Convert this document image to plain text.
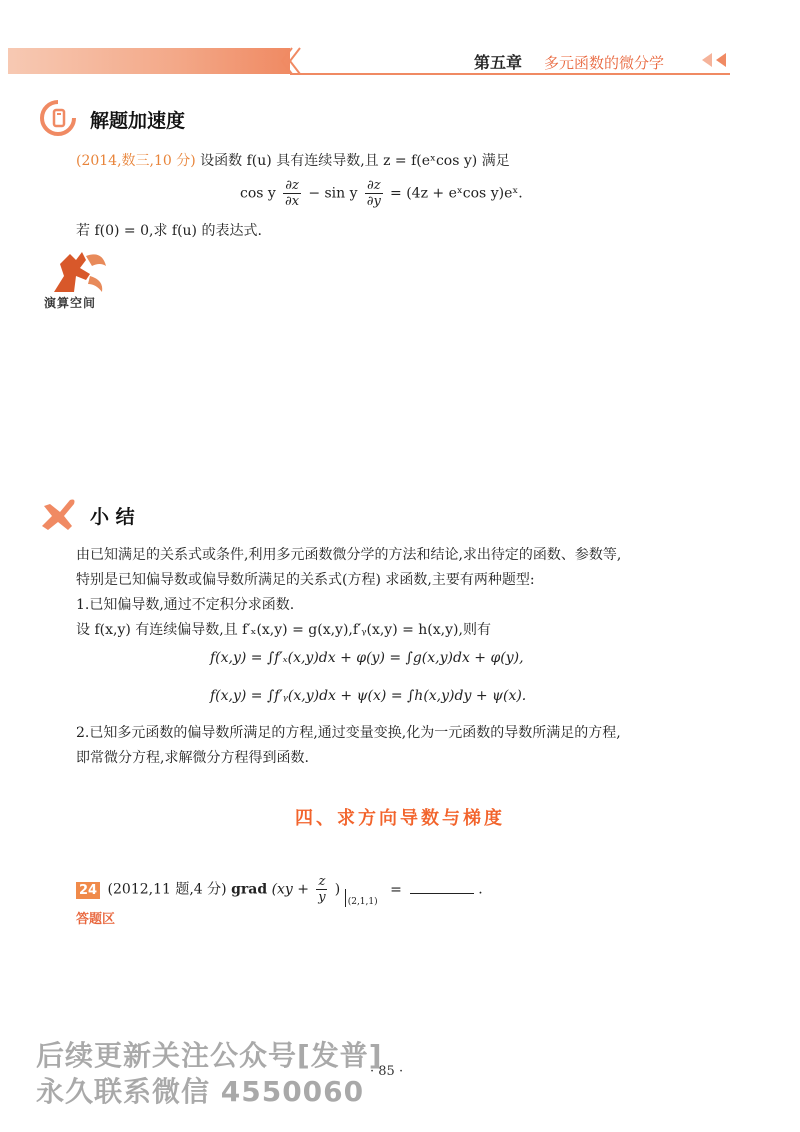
第五章 多元函数的微分学
解题加速度
(2014,数三,10 分) 设函数 f(u) 具有连续导数,且 z = f(eˣcos y) 满足
cos y $\frac{\partial z}{\partial x} - \sin y \frac{\partial z}{\partial y} = (4z$ + eˣcos y)eˣ.
若 f(0) = 0,求 f(u) 的表达式.
演算空间
小 结
由已知满足的关系式或条件,利用多元函数微分学的方法和结论,求出待定的函数、参数等,
特别是已知偏导数或偏导数所满足的关系式(方程) 求函数,主要有两种题型:
1.已知偏导数,通过不定积分求函数.
设 f(x,y) 有连续偏导数,且 f′ₓ(x,y) = g(x,y),f′ᵧ(x,y) = h(x,y),则有
f(x,y) = ∫f′ₓ(x,y)dx + φ(y) = ∫g(x,y)dx + φ(y),
f(x,y) = ∫f′ᵧ(x,y)dx + ψ(x) = ∫h(x,y)dy + ψ(x).
2.已知多元函数的偏导数所满足的方程,通过变量变换,化为一元函数的导数所满足的方程,
即常微分方程,求解微分方程得到函数.
四、求方向导数与梯度
24 (2012,11 题,4 分) grad ($xy + \frac{z}{y}$ ) $_{(2,1,1)}$ =	.
答题区
· 85 ·
后续更新关注公众号[发普]
永久联系微信 4550060
